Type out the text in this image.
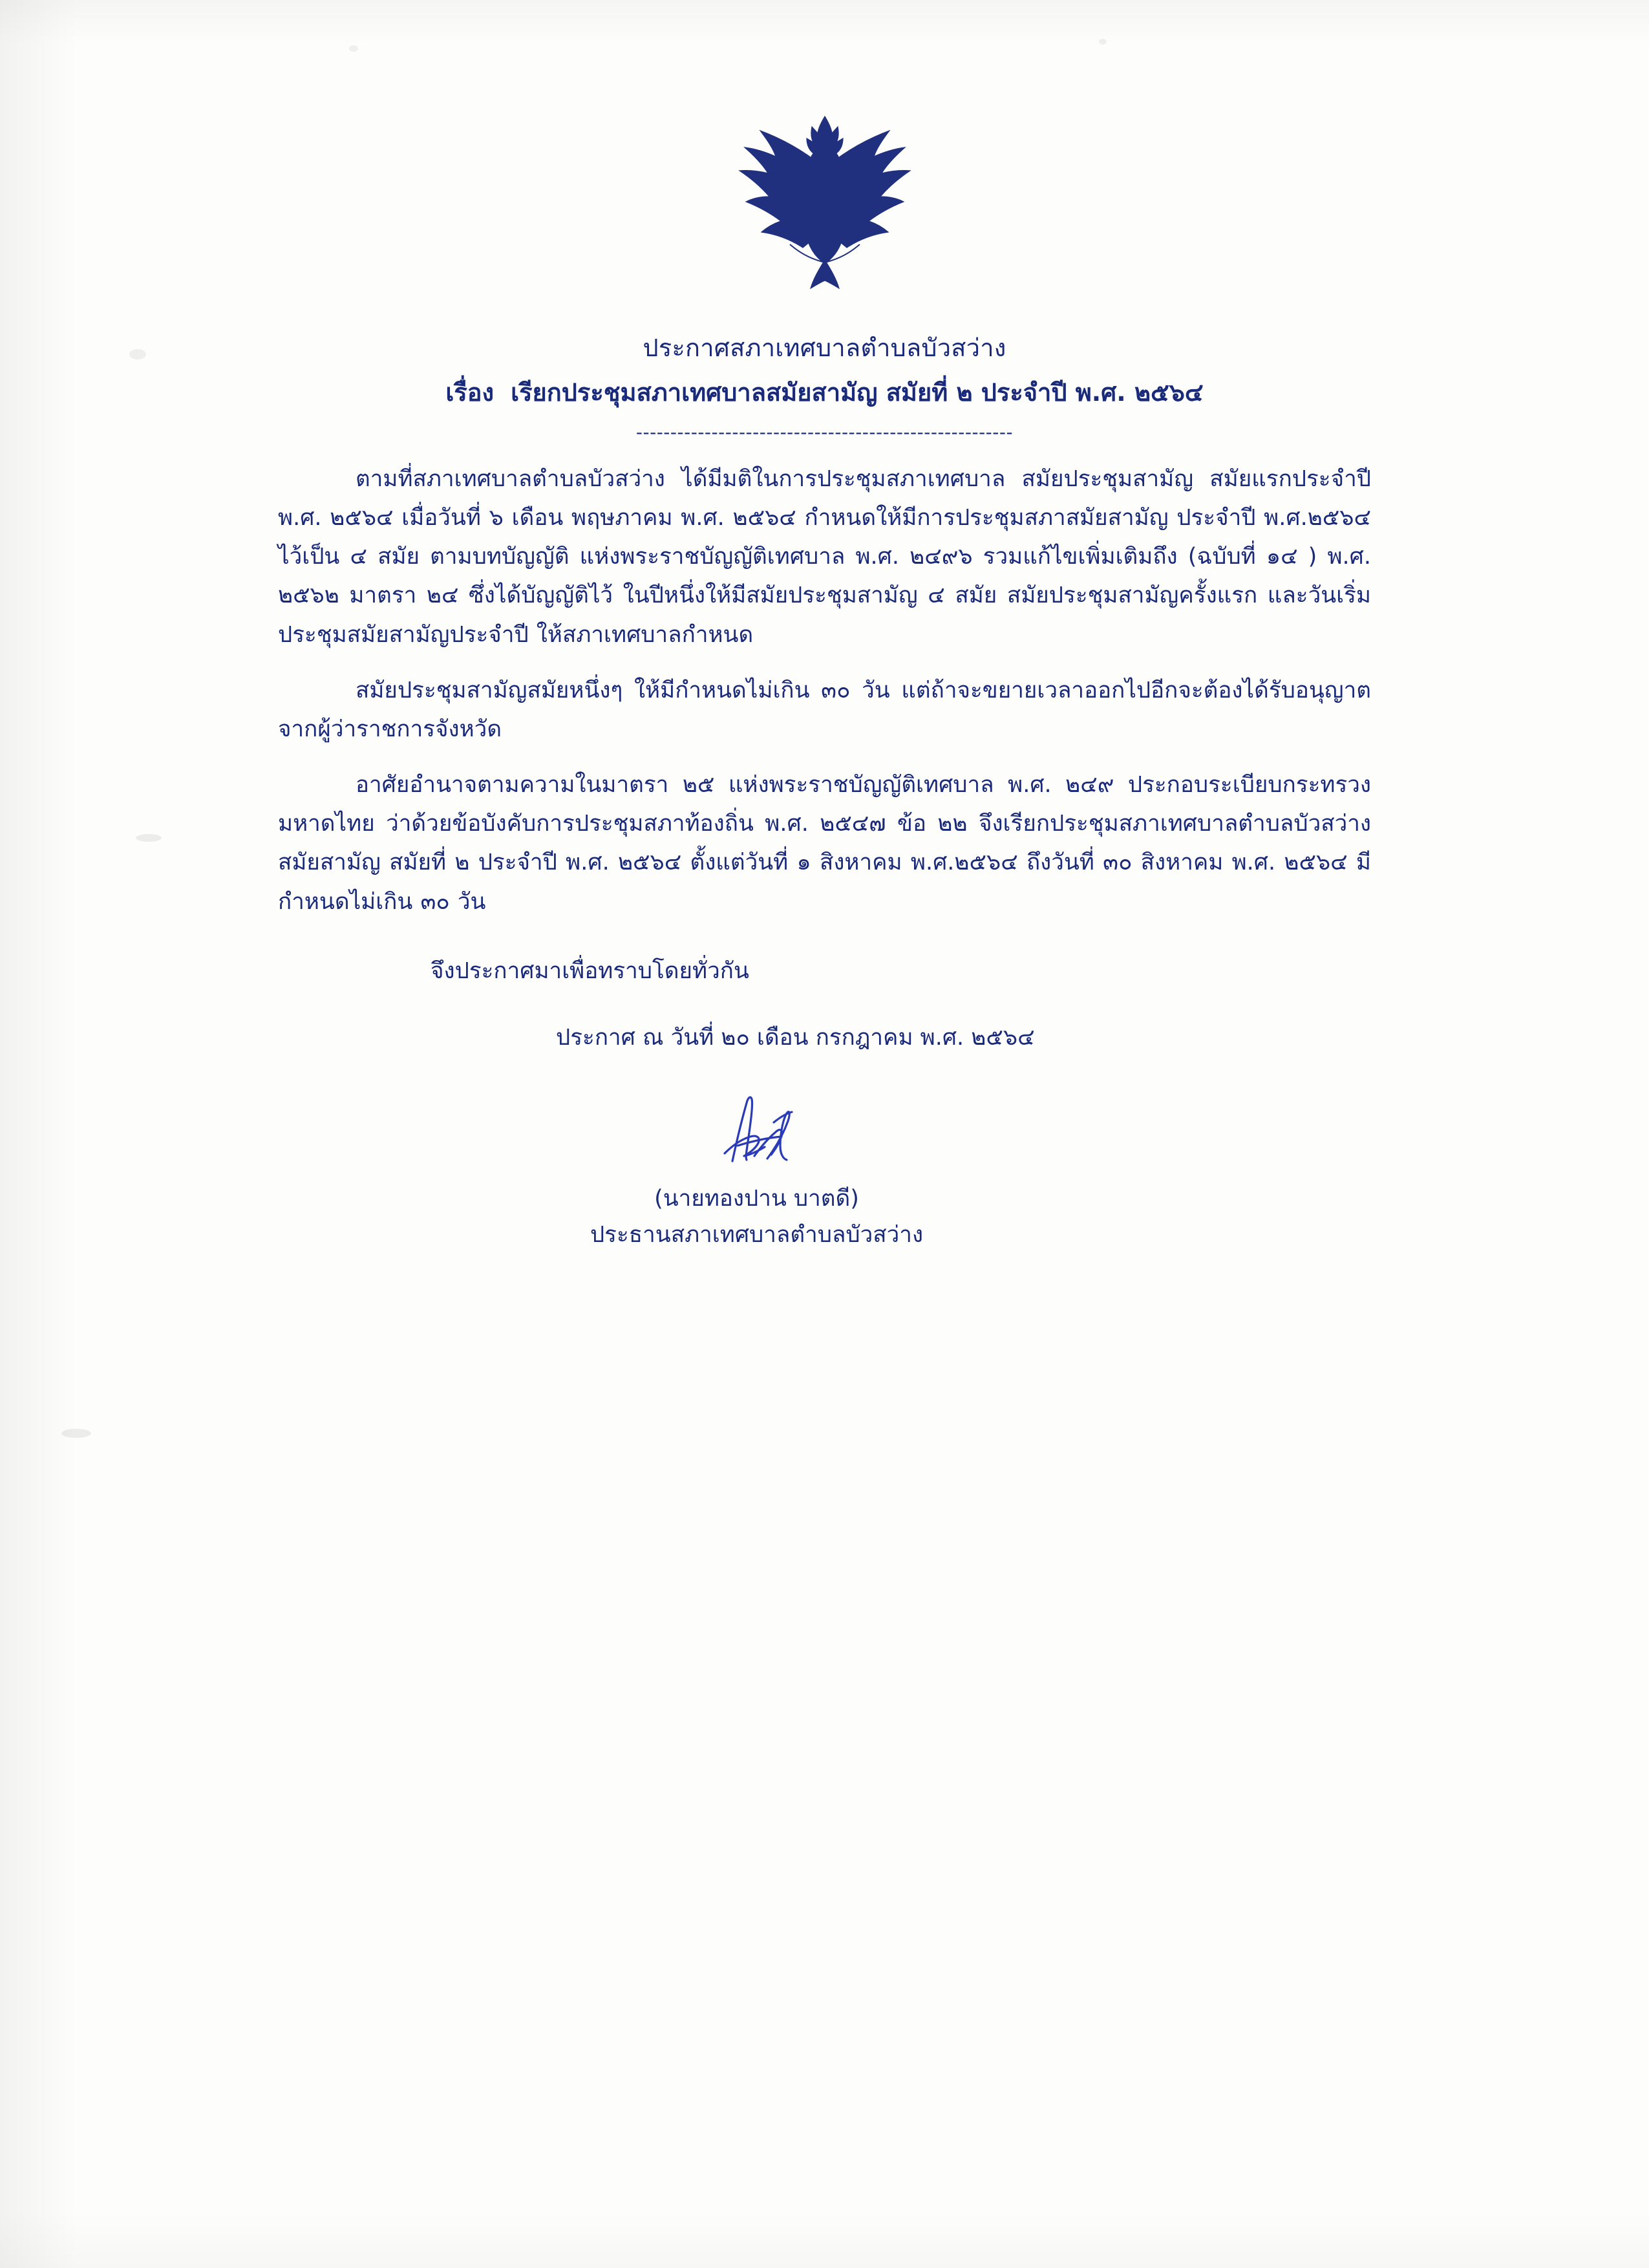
ประกาศสภาเทศบาลตำบลบัวสว่าง
เรื่อง เรียกประชุมสภาเทศบาลสมัยสามัญ สมัยที่ ๒ ประจำปี พ.ศ. ๒๕๖๔
-------------------------------------------------------
ตามที่สภาเทศบาลตำบลบัวสว่าง ได้มีมติในการประชุมสภาเทศบาล สมัยประชุมสามัญ สมัยแรกประจำปี พ.ศ. ๒๕๖๔ เมื่อวันที่ ๖ เดือน พฤษภาคม พ.ศ. ๒๕๖๔ กำหนดให้มีการประชุมสภาสมัยสามัญ ประจำปี พ.ศ.๒๕๖๔ ไว้เป็น ๔ สมัย ตามบทบัญญัติ แห่งพระราชบัญญัติเทศบาล พ.ศ. ๒๔๙๖ รวมแก้ไขเพิ่มเติมถึง (ฉบับที่ ๑๔ ) พ.ศ. ๒๕๖๒ มาตรา ๒๔ ซึ่งได้บัญญัติไว้ ในปีหนึ่งให้มีสมัยประชุมสามัญ ๔ สมัย สมัยประชุมสามัญครั้งแรก และวันเริ่มประชุมสมัยสามัญประจำปี ให้สภาเทศบาลกำหนด
สมัยประชุมสามัญสมัยหนึ่งๆ ให้มีกำหนดไม่เกิน ๓๐ วัน แต่ถ้าจะขยายเวลาออกไปอีกจะต้องได้รับอนุญาตจากผู้ว่าราชการจังหวัด
อาศัยอำนาจตามความในมาตรา ๒๕ แห่งพระราชบัญญัติเทศบาล พ.ศ. ๒๔๙ ประกอบระเบียบกระทรวงมหาดไทย ว่าด้วยข้อบังคับการประชุมสภาท้องถิ่น พ.ศ. ๒๕๔๗ ข้อ ๒๒ จึงเรียกประชุมสภาเทศบาลตำบลบัวสว่าง สมัยสามัญ สมัยที่ ๒ ประจำปี พ.ศ. ๒๕๖๔ ตั้งแต่วันที่ ๑ สิงหาคม พ.ศ.๒๕๖๔ ถึงวันที่ ๓๐ สิงหาคม พ.ศ. ๒๕๖๔ มีกำหนดไม่เกิน ๓๐ วัน
จึงประกาศมาเพื่อทราบโดยทั่วกัน
ประกาศ ณ วันที่ ๒๐ เดือน กรกฎาคม พ.ศ. ๒๕๖๔
(นายทองปาน บาตดี)
ประธานสภาเทศบาลตำบลบัวสว่าง
